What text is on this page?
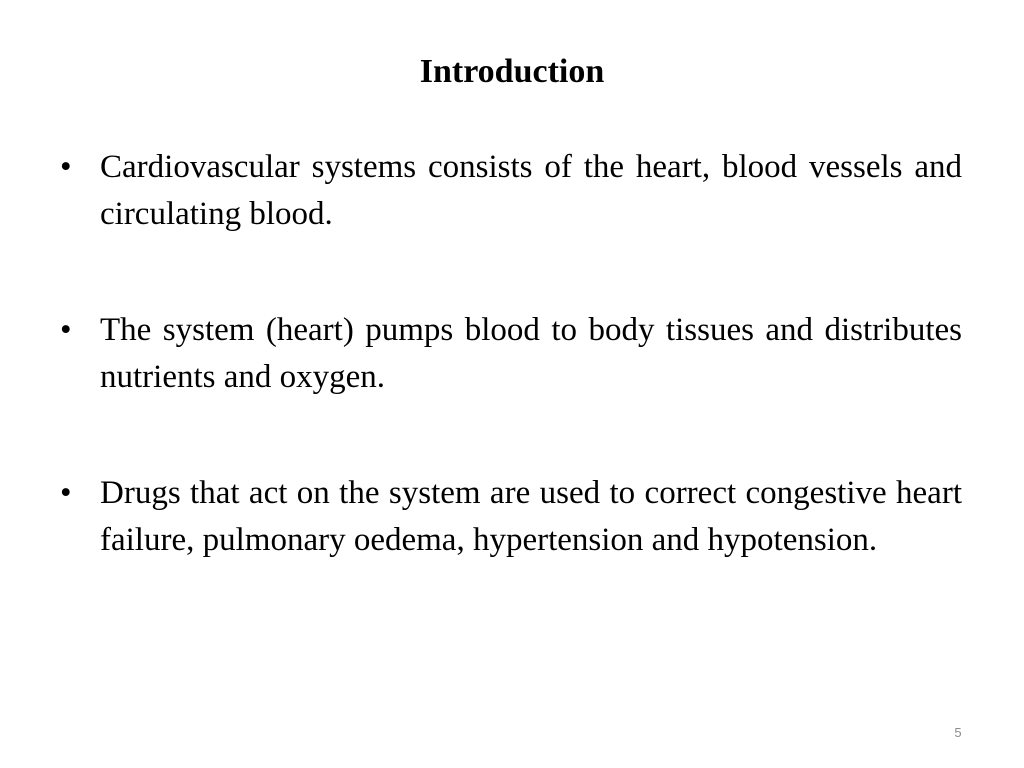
Introduction
• Cardiovascular systems consists of the heart, blood vessels and circulating blood.
• The system (heart) pumps blood to body tissues and distributes nutrients and oxygen.
• Drugs that act on the system are used to correct congestive heart failure, pulmonary oedema, hypertension and hypotension.
5
